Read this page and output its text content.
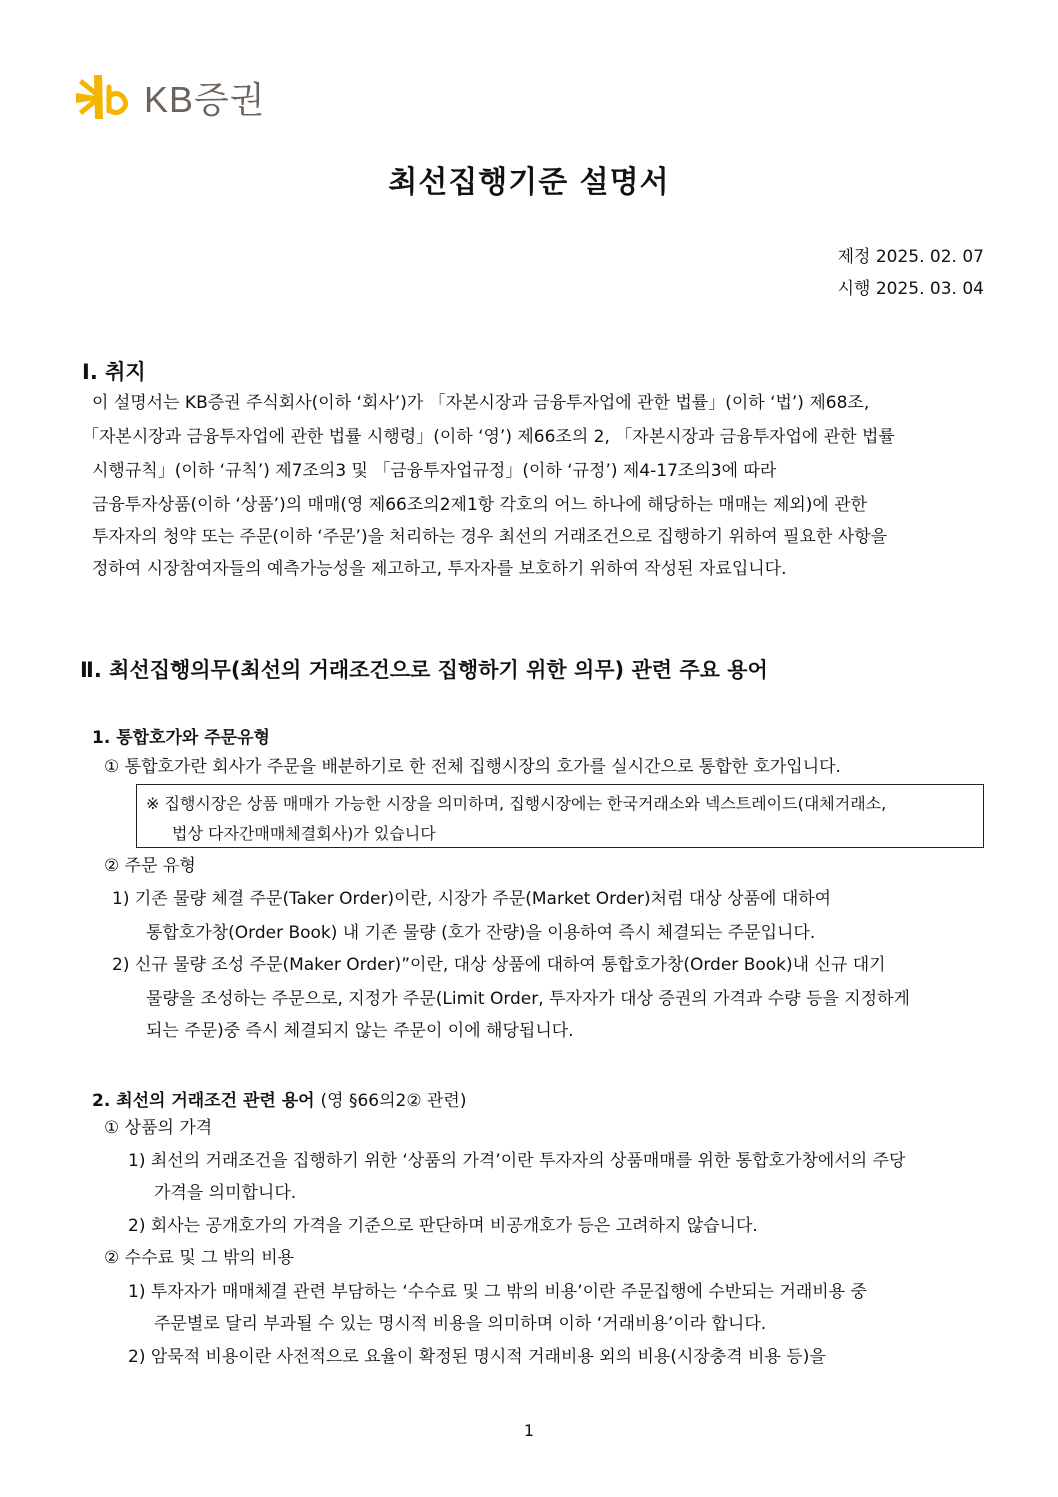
KB증권
최선집행기준 설명서
제정 2025. 02. 07
시행 2025. 03. 04
Ⅰ. 취지
이 설명서는 KB증권 주식회사(이하 ‘회사’)가 「자본시장과 금융투자업에 관한 법률」(이하 ‘법’) 제68조,
「자본시장과 금융투자업에 관한 법률 시행령」(이하 ‘영’) 제66조의 2, 「자본시장과 금융투자업에 관한 법률
시행규칙」(이하 ‘규칙’) 제7조의3 및 「금융투자업규정」(이하 ‘규정’) 제4-17조의3에 따라
금융투자상품(이하 ‘상품’)의 매매(영 제66조의2제1항 각호의 어느 하나에 해당하는 매매는 제외)에 관한
투자자의 청약 또는 주문(이하 ‘주문’)을 처리하는 경우 최선의 거래조건으로 집행하기 위하여 필요한 사항을
정하여 시장참여자들의 예측가능성을 제고하고, 투자자를 보호하기 위하여 작성된 자료입니다.
Ⅱ. 최선집행의무(최선의 거래조건으로 집행하기 위한 의무) 관련 주요 용어
1. 통합호가와 주문유형
① 통합호가란 회사가 주문을 배분하기로 한 전체 집행시장의 호가를 실시간으로 통합한 호가입니다.
※ 집행시장은 상품 매매가 가능한 시장을 의미하며, 집행시장에는 한국거래소와 넥스트레이드(대체거래소,
법상 다자간매매체결회사)가 있습니다
② 주문 유형
1) 기존 물량 체결 주문(Taker Order)이란, 시장가 주문(Market Order)처럼 대상 상품에 대하여
통합호가창(Order Book) 내 기존 물량 (호가 잔량)을 이용하여 즉시 체결되는 주문입니다.
2) 신규 물량 조성 주문(Maker Order)”이란, 대상 상품에 대하여 통합호가창(Order Book)내 신규 대기
물량을 조성하는 주문으로, 지정가 주문(Limit Order, 투자자가 대상 증권의 가격과 수량 등을 지정하게
되는 주문)중 즉시 체결되지 않는 주문이 이에 해당됩니다.
2. 최선의 거래조건 관련 용어 (영 §66의2② 관련)
① 상품의 가격
1) 최선의 거래조건을 집행하기 위한 ‘상품의 가격’이란 투자자의 상품매매를 위한 통합호가창에서의 주당
가격을 의미합니다.
2) 회사는 공개호가의 가격을 기준으로 판단하며 비공개호가 등은 고려하지 않습니다.
② 수수료 및 그 밖의 비용
1) 투자자가 매매체결 관련 부담하는 ‘수수료 및 그 밖의 비용’이란 주문집행에 수반되는 거래비용 중
주문별로 달리 부과될 수 있는 명시적 비용을 의미하며 이하 ‘거래비용’이라 합니다.
2) 암묵적 비용이란 사전적으로 요율이 확정된 명시적 거래비용 외의 비용(시장충격 비용 등)을
1
